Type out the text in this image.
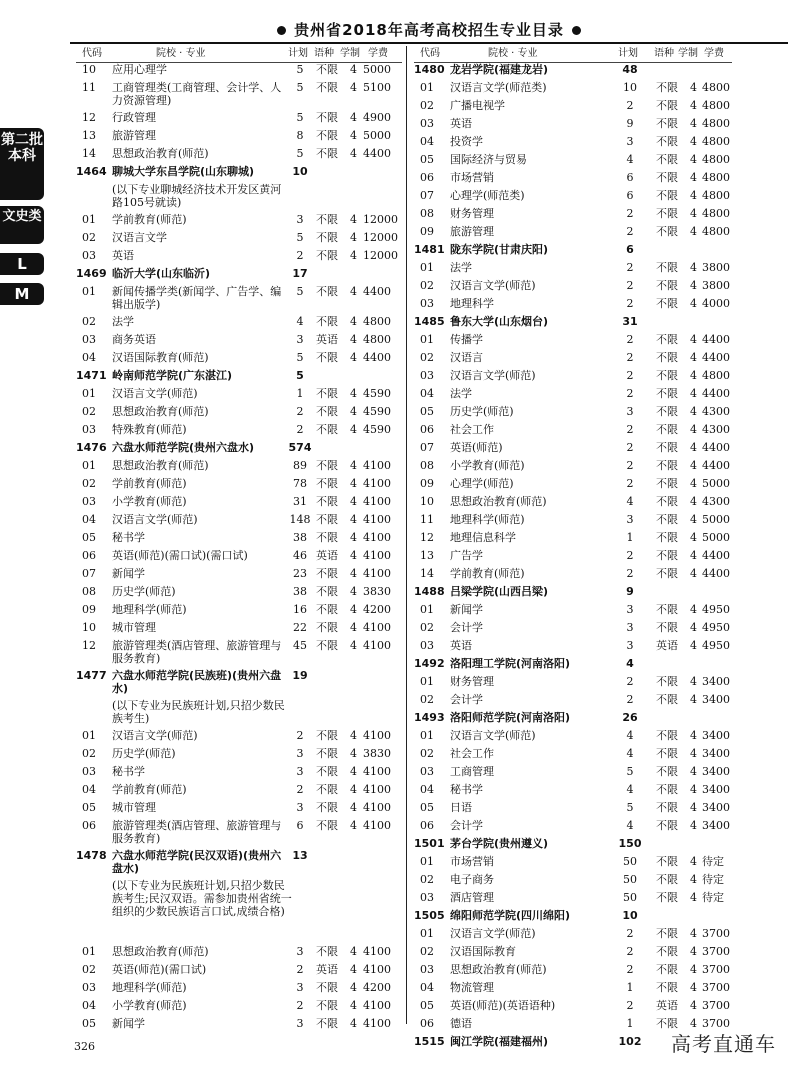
贵州省2018年高考高校招生专业目录
第二批本科
文史类
L
M
代码	院校 · 专业	计划 语种 学制 学费
10 应用心理学	5	不限 4 5000
11 工商管理类(工商管理、会计学、人力资源管理)
5	不限 4 5100
12 行政管理	5	不限 4 4900
13 旅游管理	8	不限 4 5000
14 思想政治教育(师范)	5	不限 4 4400
1464 聊城大学东昌学院(山东聊城)	10
(以下专业聊城经济技术开发区黄河路105号就读)
01 学前教育(师范)	3	不限 4 12000
02 汉语言文学	5	不限 4 12000
03 英语	2	不限 4 12000
1469 临沂大学(山东临沂)	17
01 新闻传播学类(新闻学、广告学、编辑出版学)
5	不限 4 4400
02 法学	4	不限 4 4800
03 商务英语	3	英语 4 4800
04 汉语国际教育(师范)	5	不限 4 4400
1471 岭南师范学院(广东湛江)	5
01 汉语言文学(师范)	1	不限 4 4590
02 思想政治教育(师范)	2	不限 4 4590
03 特殊教育(师范)	2	不限 4 4590
1476 六盘水师范学院(贵州六盘水)	574
01 思想政治教育(师范)	89 不限 4 4100
02 学前教育(师范)	78 不限 4 4100
03 小学教育(师范)	31 不限 4 4100
04 汉语言文学(师范)	148 不限 4 4100
05 秘书学	38 不限 4 4100
06 英语(师范)(需口试)(需口试)	46 英语 4 4100
07 新闻学	23 不限 4 4100
08 历史学(师范)	38 不限 4 3830
09 地理科学(师范)	16 不限 4 4200
10 城市管理	22 不限 4 4100
12 旅游管理类(酒店管理、旅游管理与服务教育)
45 不限 4 4100
1477 六盘水师范学院(民族班)(贵州六盘水)
19
(以下专业为民族班计划,只招少数民族考生)
01 汉语言文学(师范)	2	不限 4 4100
02 历史学(师范)	3	不限 4 3830
03 秘书学	3	不限 4 4100
04 学前教育(师范)	2	不限 4 4100
05 城市管理	3	不限 4 4100
06 旅游管理类(酒店管理、旅游管理与服务教育)
6	不限 4 4100
1478 六盘水师范学院(民汉双语)(贵州六盘水)
13
(以下专业为民族班计划,只招少数民族考生;民汉双语。需参加贵州省统一组织的少数民族语言口试,成绩合格)
01 思想政治教育(师范)	3	不限 4 4100
02 英语(师范)(需口试)	2	英语 4 4100
03 地理科学(师范)	3	不限 4 4200
04 小学教育(师范)	2	不限 4 4100
05 新闻学	3	不限 4 4100
代码	院校 · 专业	计划 语种 学制 学费
1480 龙岩学院(福建龙岩)	48
01 汉语言文学(师范类)	10	不限 4 4800
02 广播电视学	2	不限 4 4800
03 英语	9	不限 4 4800
04 投资学	3	不限 4 4800
05 国际经济与贸易	4	不限 4 4800
06 市场营销	6	不限 4 4800
07 心理学(师范类)	6	不限 4 4800
08 财务管理	2	不限 4 4800
09 旅游管理	2	不限 4 4800
1481 陇东学院(甘肃庆阳)	6
01 法学	2	不限 4 3800
02 汉语言文学(师范)	2	不限 4 3800
03 地理科学	2	不限 4 4000
1485 鲁东大学(山东烟台)	31
01 传播学	2	不限 4 4400
02 汉语言	2	不限 4 4400
03 汉语言文学(师范)	2	不限 4 4800
04 法学	2	不限 4 4400
05 历史学(师范)	3	不限 4 4300
06 社会工作	2	不限 4 4300
07 英语(师范)	2	不限 4 4400
08 小学教育(师范)	2	不限 4 4400
09 心理学(师范)	2	不限 4 5000
10 思想政治教育(师范)	4	不限 4 4300
11 地理科学(师范)	3	不限 4 5000
12 地理信息科学	1	不限 4 5000
13 广告学	2	不限 4 4400
14 学前教育(师范)	2	不限 4 4400
1488 吕梁学院(山西吕梁)	9
01 新闻学	3	不限 4 4950
02 会计学	3	不限 4 4950
03 英语	3	英语 4 4950
1492 洛阳理工学院(河南洛阳)	4
01 财务管理	2	不限 4 3400
02 会计学	2	不限 4 3400
1493 洛阳师范学院(河南洛阳)	26
01 汉语言文学(师范)	4	不限 4 3400
02 社会工作	4	不限 4 3400
03 工商管理	5	不限 4 3400
04 秘书学	4	不限 4 3400
05 日语	5	不限 4 3400
06 会计学	4	不限 4 3400
1501 茅台学院(贵州遵义)	150
01 市场营销	50	不限 4 待定
02 电子商务	50	不限 4 待定
03 酒店管理	50	不限 4 待定
1505 绵阳师范学院(四川绵阳)	10
01 汉语言文学(师范)	2	不限 4 3700
02 汉语国际教育	2	不限 4 3700
03 思想政治教育(师范)	2	不限 4 3700
04 物流管理	1	不限 4 3700
05 英语(师范)(英语语种)	2	英语 4 3700
06 德语	1	不限 4 3700
1515 闽江学院(福建福州)	102
326	高考直通车
